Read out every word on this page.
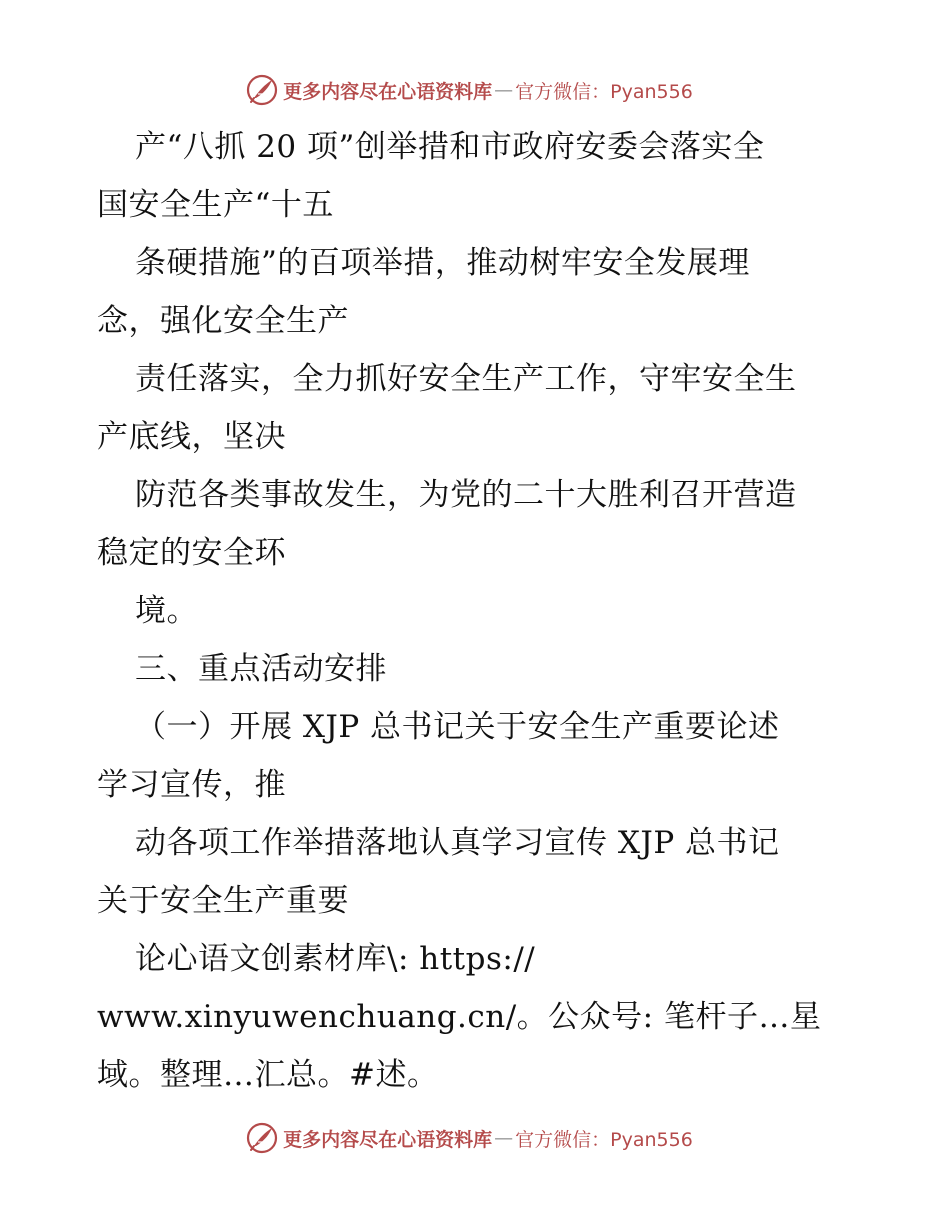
更多内容尽在心语资料库 — 官方微信：Pyan556
产“八抓 20 项”创举措和市政府安委会落实全
国安全生产“十五
条硬措施”的百项举措，推动树牢安全发展理
念，强化安全生产
责任落实，全力抓好安全生产工作，守牢安全生
产底线，坚决
防范各类事故发生，为党的二十大胜利召开营造
稳定的安全环
境。
三、重点活动安排
（一）开展 XJP 总书记关于安全生产重要论述
学习宣传，推
动各项工作举措落地认真学习宣传 XJP 总书记
关于安全生产重要
论心语文创素材库\: https://
www.xinyuwenchuang.cn/。公众号: 笔杆子…星
域。整理…汇总。#述。
更多内容尽在心语资料库 — 官方微信：Pyan556
